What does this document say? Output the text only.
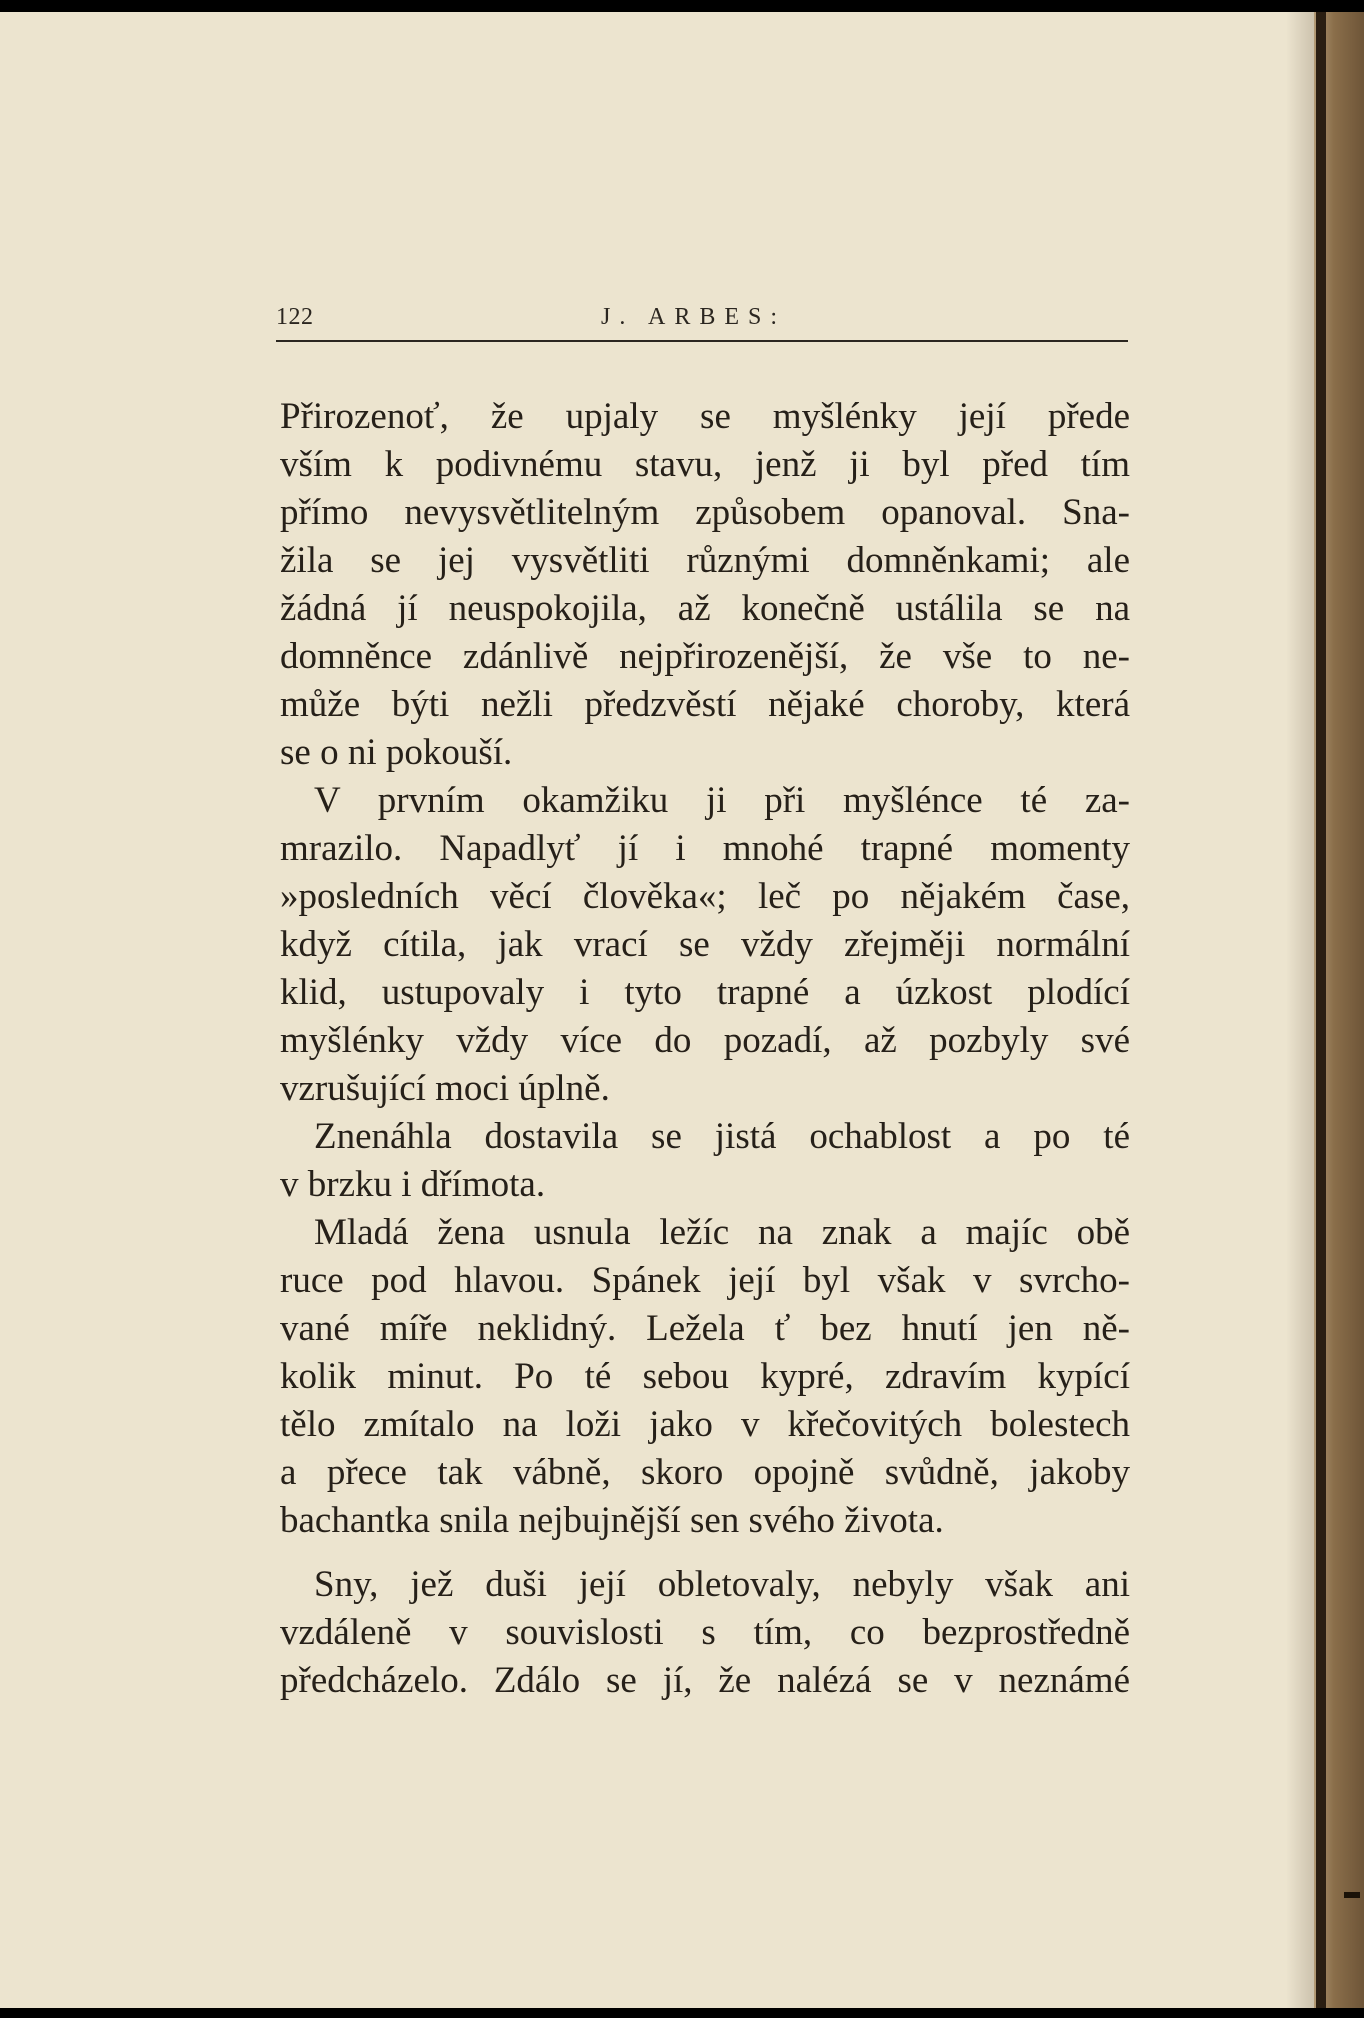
122	J. ARBES:
Přirozenoť, že upjaly se myšlénky její přede
vším k podivnému stavu, jenž ji byl před tím
přímo nevysvětlitelným způsobem opanoval. Sna-
žila se jej vysvětliti různými domněnkami; ale
žádná jí neuspokojila, až konečně ustálila se na
domněnce zdánlivě nejpřirozenější, že vše to ne-
může býti nežli předzvěstí nějaké choroby, která
se o ni pokouší.
V prvním okamžiku ji při myšlénce té za-
mrazilo. Napadlyť jí i mnohé trapné momenty
»posledních věcí člověka«; leč po nějakém čase,
když cítila, jak vrací se vždy zřejměji normální
klid, ustupovaly i tyto trapné a úzkost plodící
myšlénky vždy více do pozadí, až pozbyly své
vzrušující moci úplně.
Znenáhla dostavila se jistá ochablost a po té
v brzku i dřímota.
Mladá žena usnula ležíc na znak a majíc obě
ruce pod hlavou. Spánek její byl však v svrcho-
vané míře neklidný. Ležela ť bez hnutí jen ně-
kolik minut. Po té sebou kypré, zdravím kypící
tělo zmítalo na loži jako v křečovitých bolestech
a přece tak vábně, skoro opojně svůdně, jakoby
bachantka snila nejbujnější sen svého života.
Sny, jež duši její obletovaly, nebyly však ani
vzdáleně v souvislosti s tím, co bezprostředně
předcházelo. Zdálo se jí, že nalézá se v neznámé
